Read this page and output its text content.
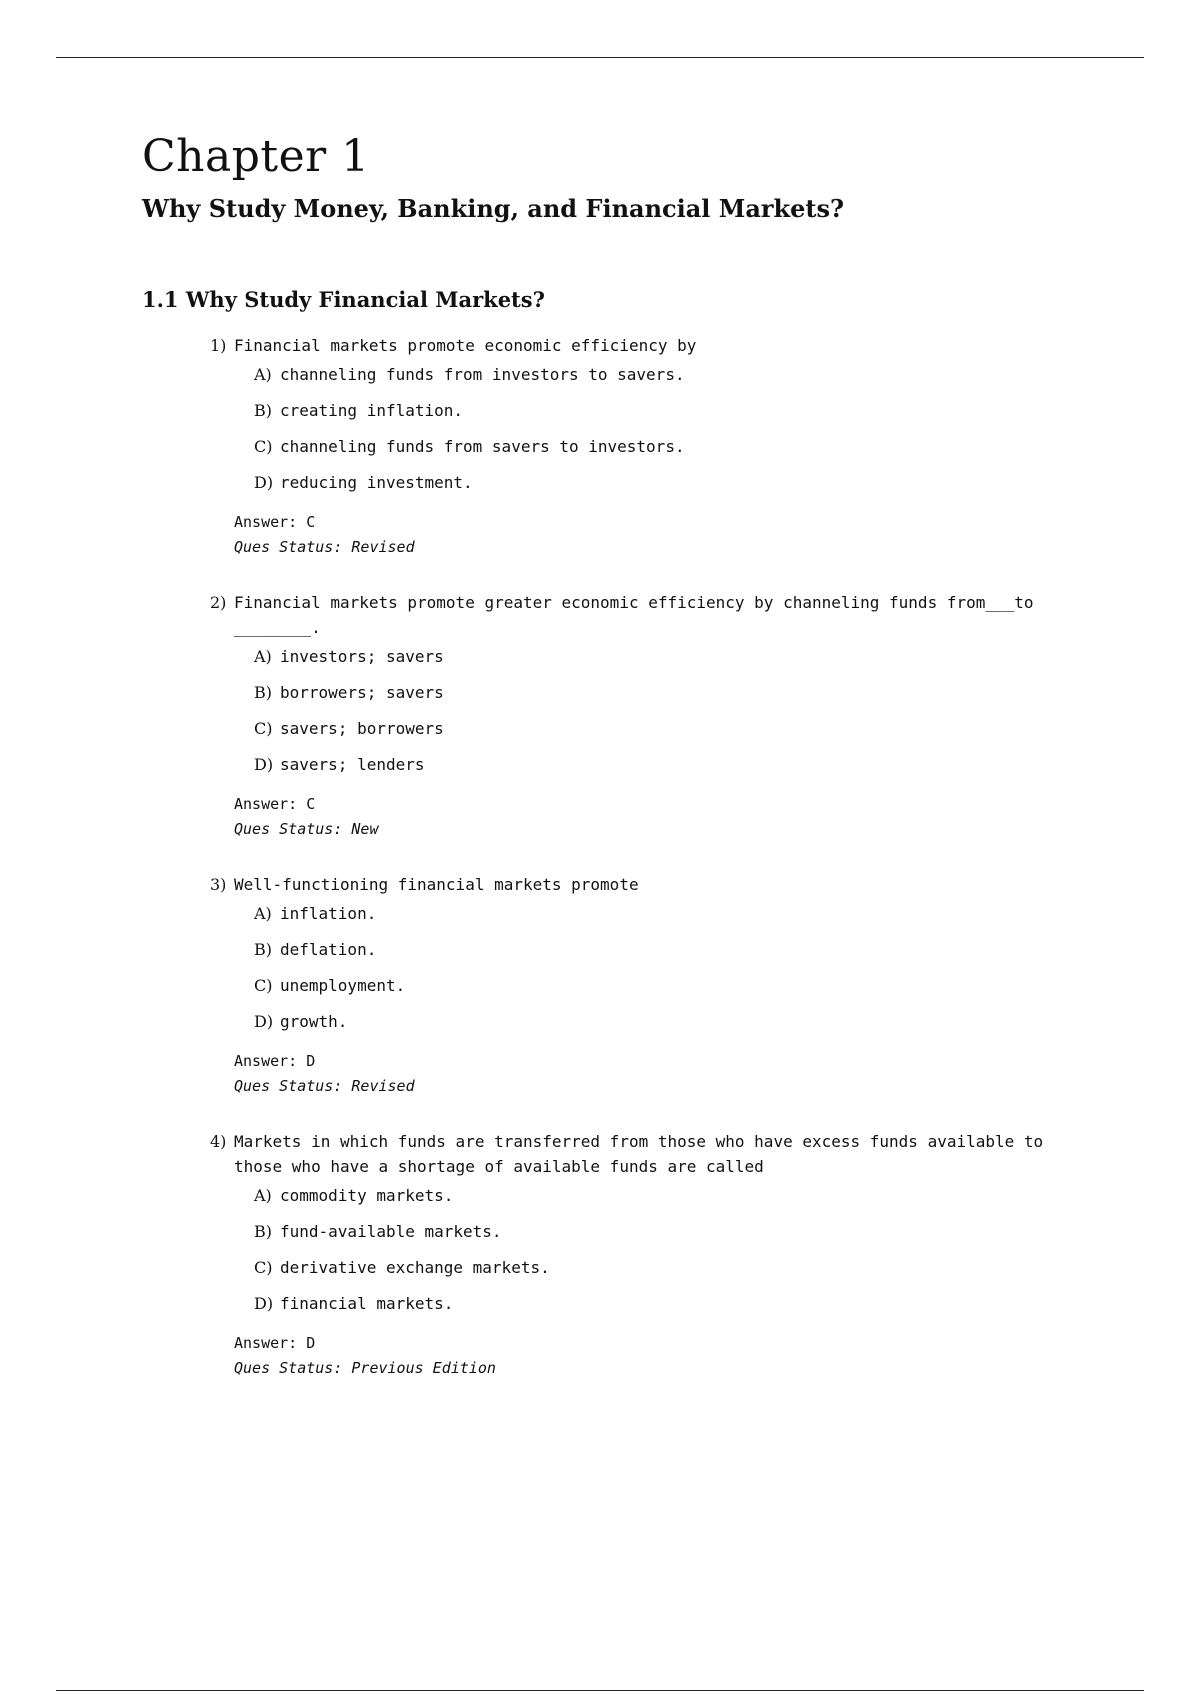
Chapter 1
Why Study Money, Banking, and Financial Markets?
1.1 Why Study Financial Markets?
1) Financial markets promote economic efficiency by
A) channeling funds from investors to savers.
B) creating inflation.
C) channeling funds from savers to investors.
D) reducing investment.
Answer: C
Ques Status: Revised
2) Financial markets promote greater economic efficiency by channeling funds from___to ________.
A) investors; savers
B) borrowers; savers
C) savers; borrowers
D) savers; lenders
Answer: C
Ques Status: New
3) Well-functioning financial markets promote
A) inflation.
B) deflation.
C) unemployment.
D) growth.
Answer: D
Ques Status: Revised
4) Markets in which funds are transferred from those who have excess funds available to those who have a shortage of available funds are called
A) commodity markets.
B) fund-available markets.
C) derivative exchange markets.
D) financial markets.
Answer: D
Ques Status: Previous Edition
